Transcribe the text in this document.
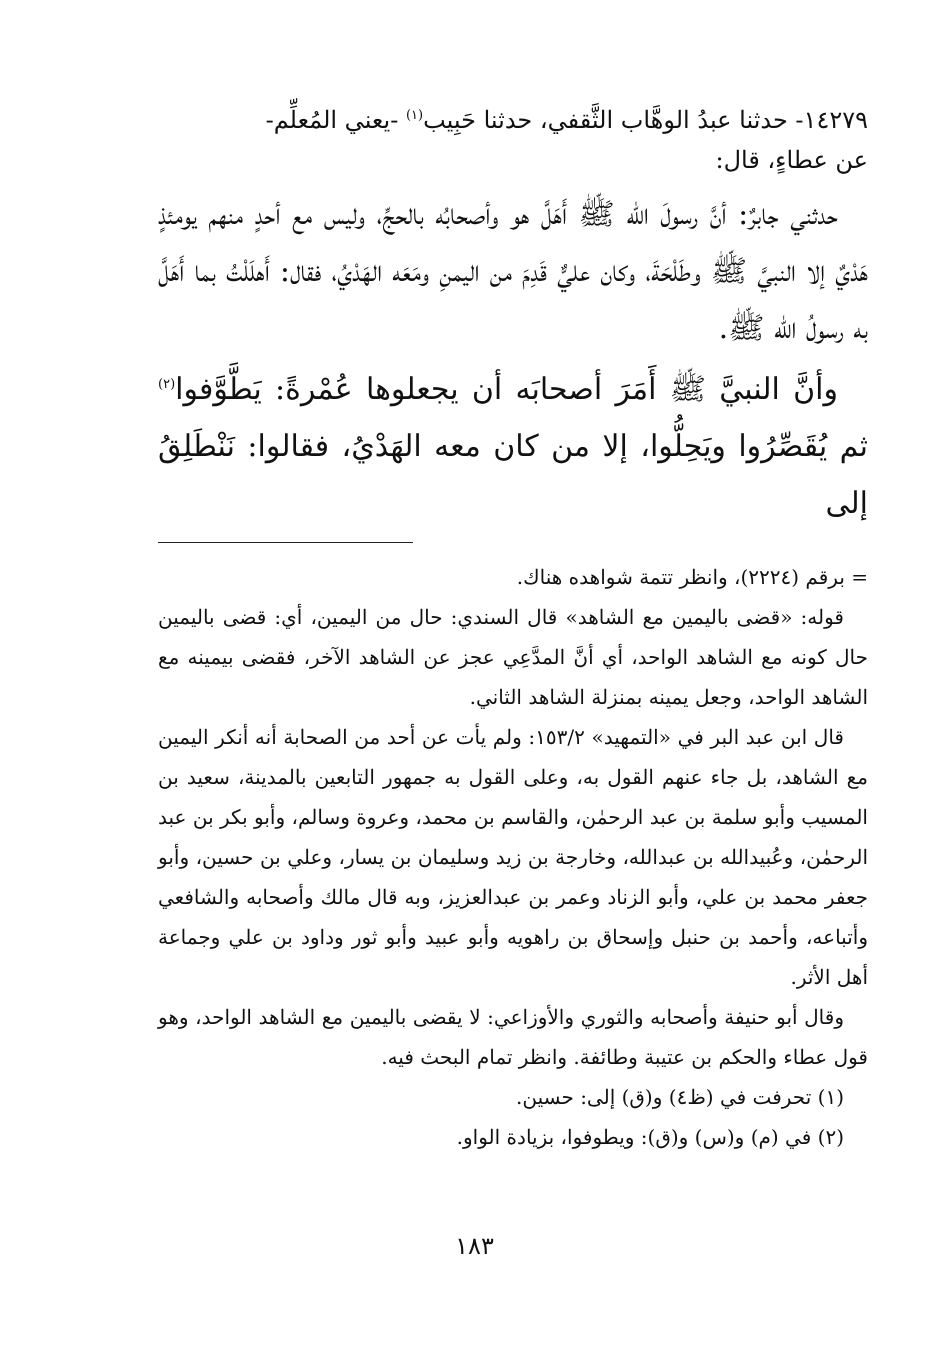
١٤٢٧٩- حدثنا عبدُ الوهَّاب الثَّقفي، حدثنا حَبِيب$^{(١)}$ -يعني المُعلِّم-
عن عطاءٍ، قال:

حدثني جابرٌ: أنَّ رسولَ الله ﷺ أَهَلَّ هو وأصحابُه بالحجِّ، وليس مع أحدٍ منهم يومئذٍ هَدْيٌ إلا النبيَّ ﷺ وطَلْحَةَ، وكان عليٌّ قَدِمَ من اليمنِ ومَعَه الهَدْيُ، فقال: أَهلَلْتُ بما أَهَلَّ به رسولُ الله ﷺ.

وأنَّ النبيَّ ﷺ أَمَرَ أصحابَه أن يجعلوها عُمْرةً: يَطَّوَّفوا$^{(٢)}$ ثم يُقَصِّرُوا ويَحِلُّوا، إلا من كان معه الهَدْيُ، فقالوا: نَنْطَلِقُ إلى

= برقم (٢٢٢٤)، وانظر تتمة شواهده هناك.

قوله: «قضى باليمين مع الشاهد» قال السندي: حال من اليمين، أي: قضى باليمين حال كونه مع الشاهد الواحد، أي أنَّ المدَّعِي عجز عن الشاهد الآخر، فقضى بيمينه مع الشاهد الواحد، وجعل يمينه بمنزلة الشاهد الثاني.

قال ابن عبد البر في «التمهيد» ١٥٣/٢: ولم يأت عن أحد من الصحابة أنه أنكر اليمين مع الشاهد، بل جاء عنهم القول به، وعلى القول به جمهور التابعين بالمدينة، سعيد بن المسيب وأبو سلمة بن عبد الرحمٰن، والقاسم بن محمد، وعروة وسالم، وأبو بكر بن عبد الرحمٰن، وعُبيدالله بن عبدالله، وخارجة بن زيد وسليمان بن يسار، وعلي بن حسين، وأبو جعفر محمد بن علي، وأبو الزناد وعمر بن عبدالعزيز، وبه قال مالك وأصحابه والشافعي وأتباعه، وأحمد بن حنبل وإسحاق بن راهويه وأبو عبيد وأبو ثور وداود بن علي وجماعة أهل الأثر.

وقال أبو حنيفة وأصحابه والثوري والأوزاعي: لا يقضى باليمين مع الشاهد الواحد، وهو قول عطاء والحكم بن عتيبة وطائفة. وانظر تمام البحث فيه.

(١) تحرفت في (ظ٤) و(ق) إلى: حسين.

(٢) في (م) و(س) و(ق): ويطوفوا، بزيادة الواو.

١٨٣
